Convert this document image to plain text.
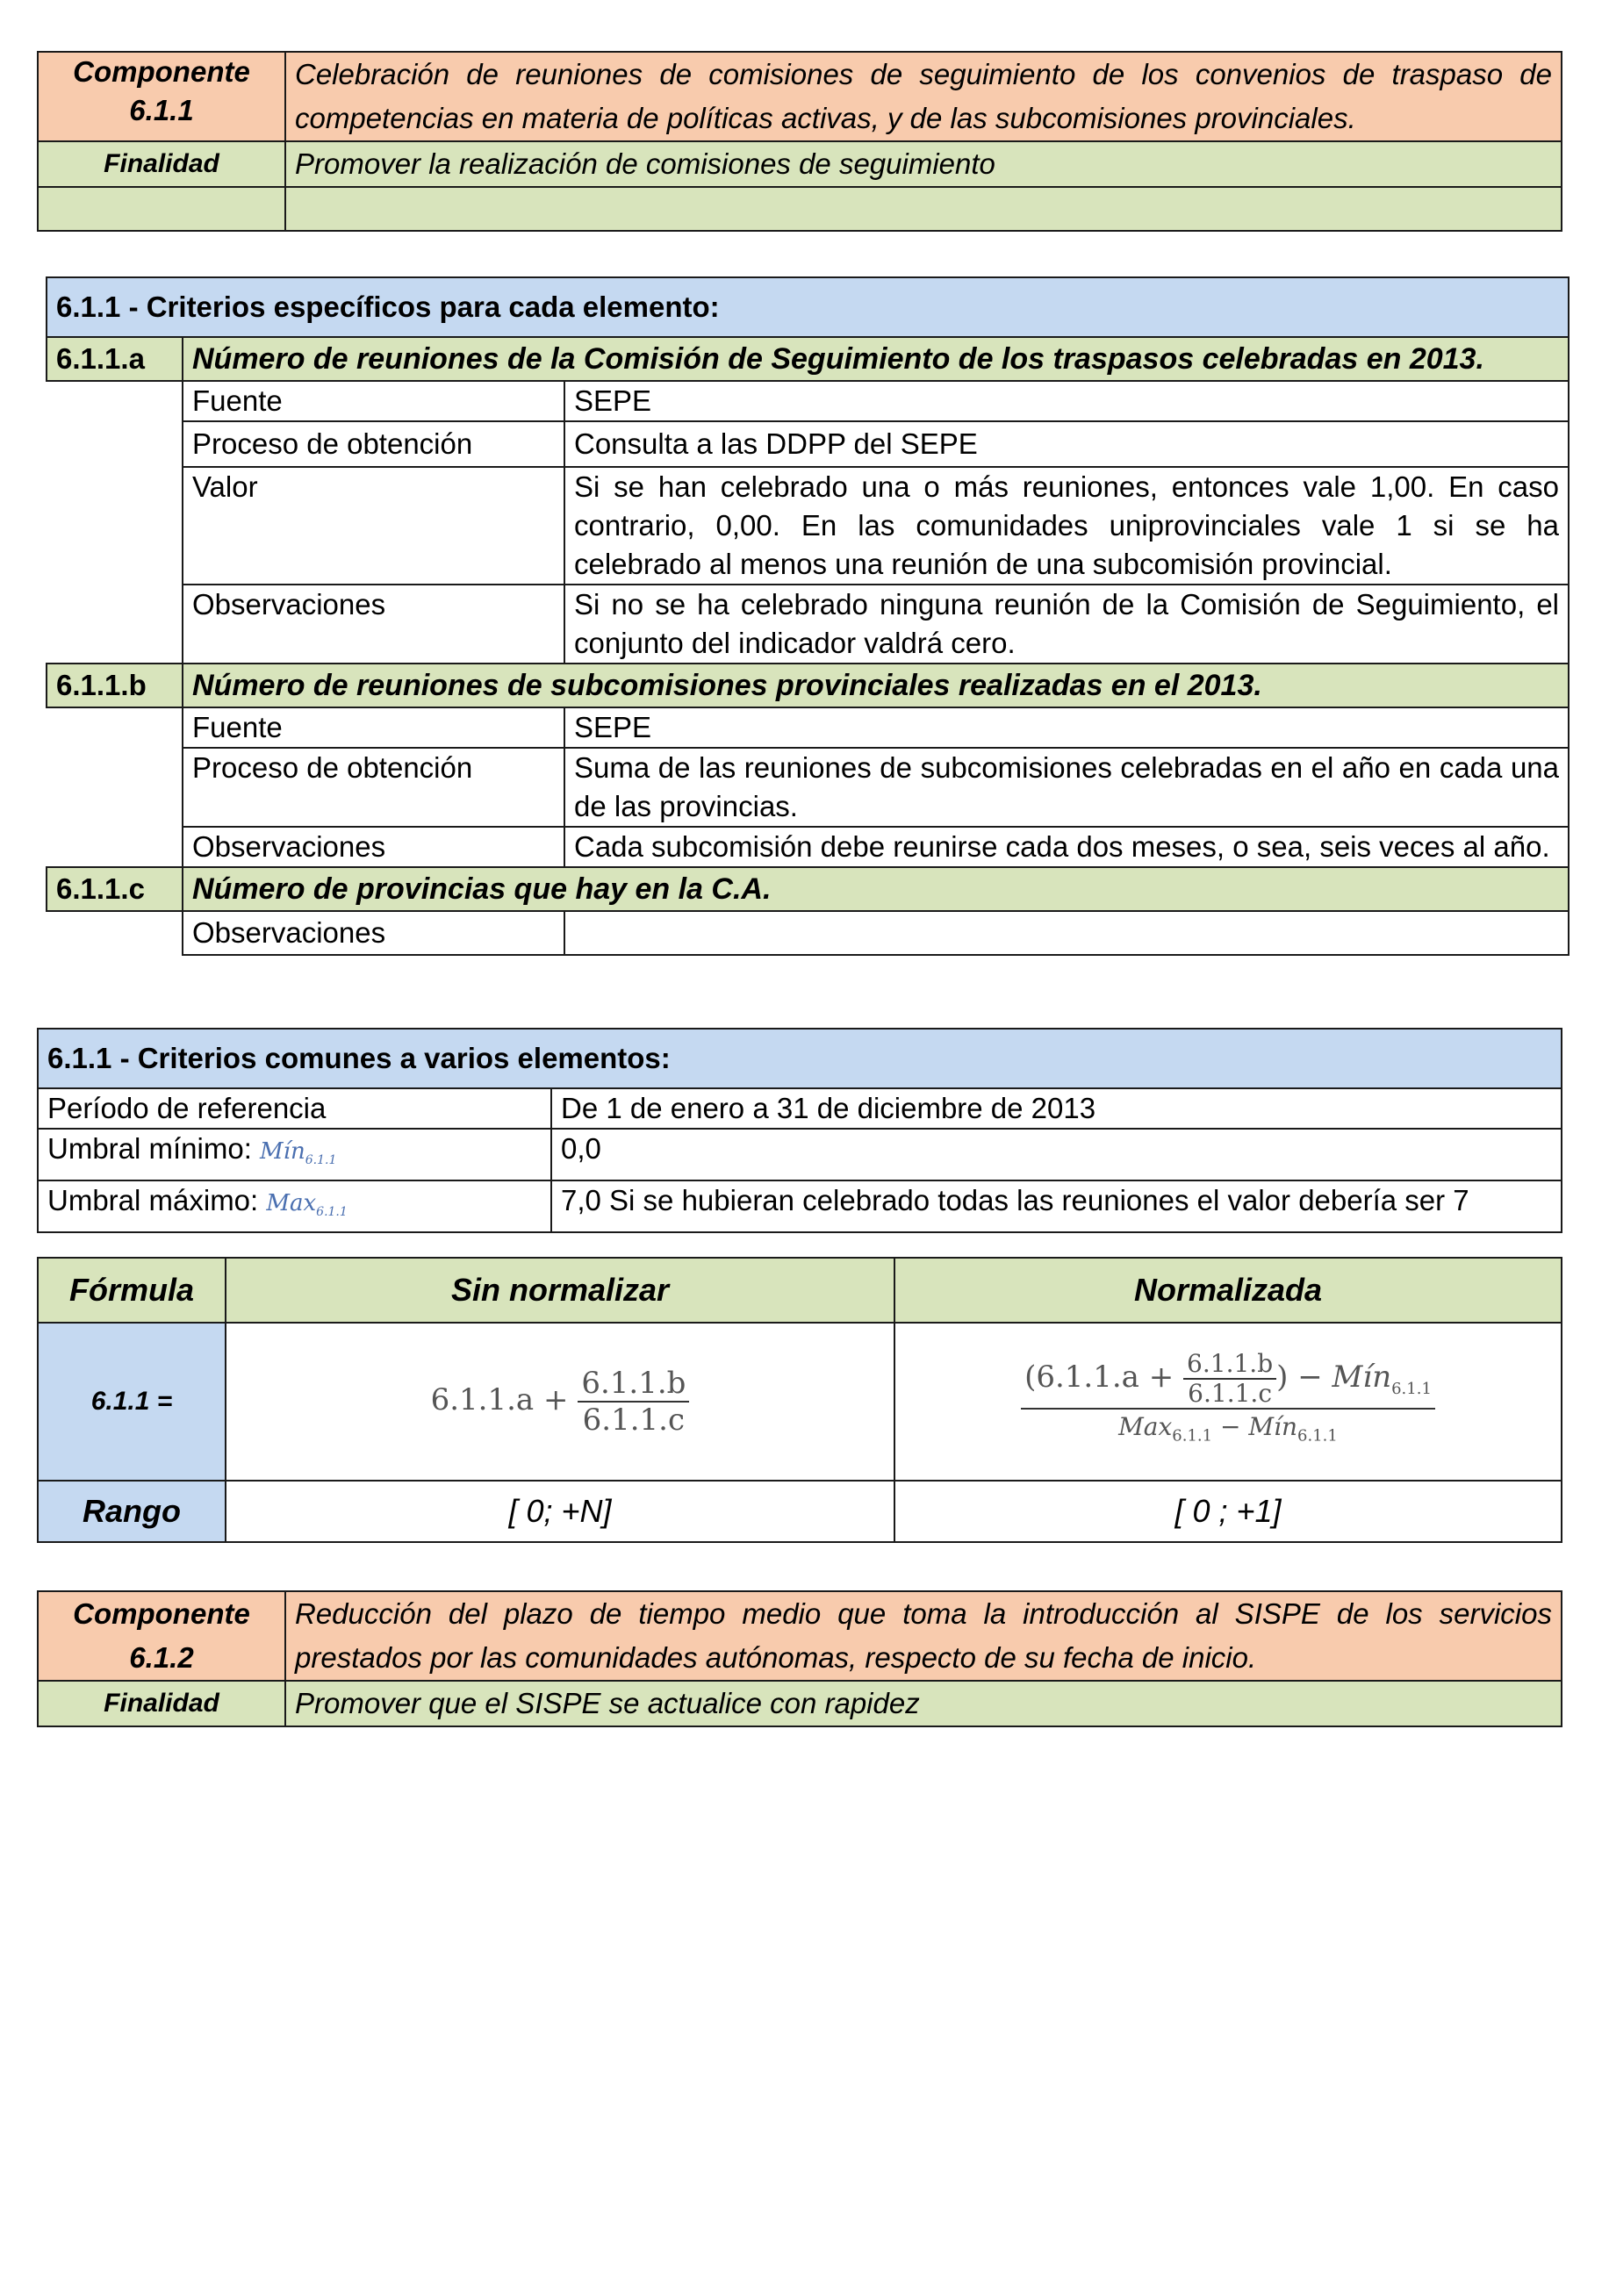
Componente 6.1.1	Celebración de reuniones de comisiones de seguimiento de los convenios de traspaso de competencias en materia de políticas activas, y de las subcomisiones provinciales.
Finalidad	Promover la realización de comisiones de seguimiento

6.1.1 - Criterios específicos para cada elemento:		
6.1.1.a	Número de reuniones de la Comisión de Seguimiento de los traspasos celebradas en 2013.	
	Fuente	SEPE
	Proceso de obtención	Consulta a las DDPP del SEPE
	Valor	Si se han celebrado una o más reuniones, entonces vale 1,00. En caso contrario, 0,00. En las comunidades uniprovinciales vale 1 si se ha celebrado al menos una reunión de una subcomisión provincial.
	Observaciones	Si no se ha celebrado ninguna reunión de la Comisión de Seguimiento, el conjunto del indicador valdrá cero.
6.1.1.b	Número de reuniones de subcomisiones provinciales realizadas en el 2013.	
	Fuente	SEPE
	Proceso de obtención	Suma de las reuniones de subcomisiones celebradas en el año en cada una de las provincias.
	Observaciones	Cada subcomisión debe reunirse cada dos meses, o sea, seis veces al año.
6.1.1.c	Número de provincias que hay en la C.A.	
	Observaciones	
6.1.1 - Criterios comunes a varios elementos:	
Período de referencia	De 1 de enero a 31 de diciembre de 2013
Umbral mínimo: Mín$_{6.1.1}$	0,0
Umbral máximo: Max$_{6.1.1}$	7,0 Si se hubieran celebrado todas las reuniones el valor debería ser 7
Fórmula	Sin normalizar	Normalizada
6.1.1 =	$6.1.1.a + \frac{6.1.1.b}{6.1.1.c}$	($6.1.1.a + \frac{6.1.1.b}{6.1.1.c}$ ) − Mín$_{6.1.1}$
Max$_{6.1.1}$ − Mín$_{6.1.1}$

Rango	[ 0; +N]	[ 0 ; +1]
Componente 6.1.2	Reducción del plazo de tiempo medio que toma la introducción al SISPE de los servicios prestados por las comunidades autónomas, respecto de su fecha de inicio.
Finalidad	Promover que el SISPE se actualice con rapidez
